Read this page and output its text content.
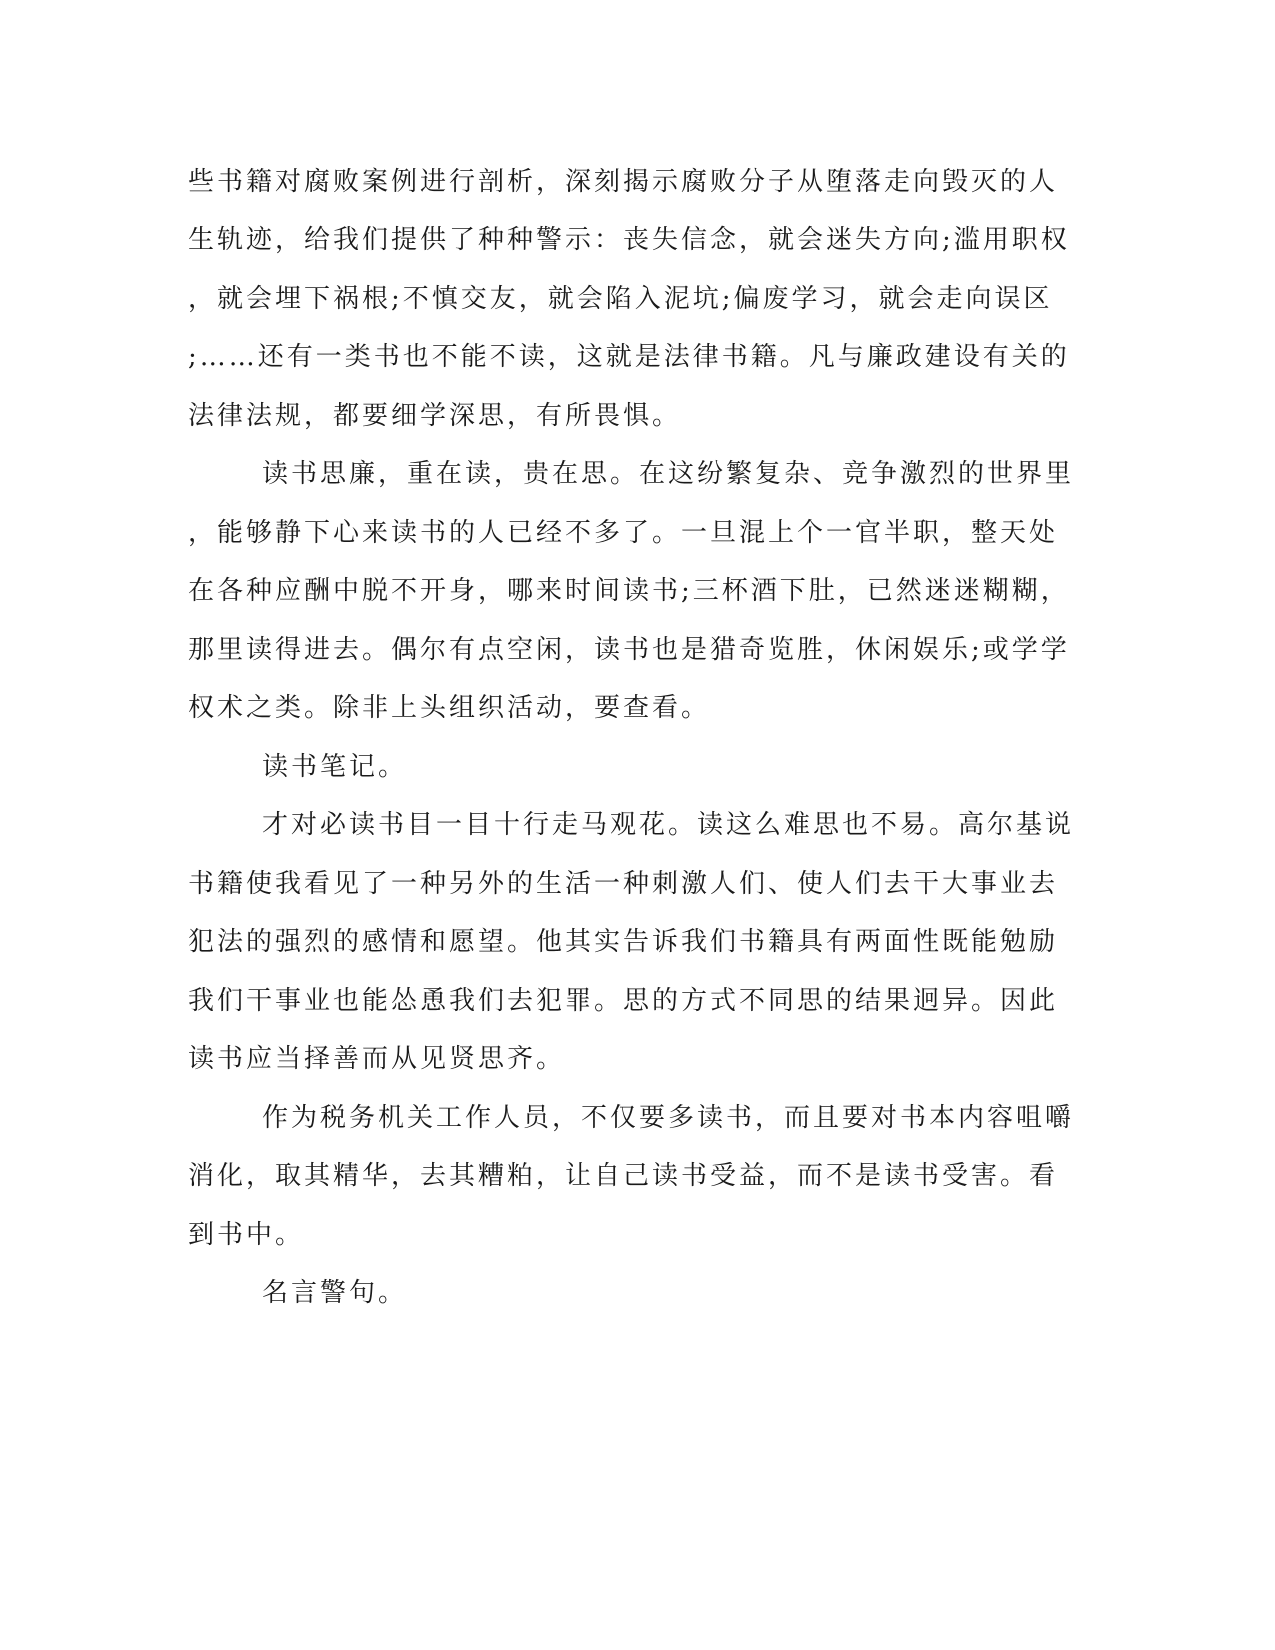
些书籍对腐败案例进行剖析，深刻揭示腐败分子从堕落走向毁灭的人
生轨迹，给我们提供了种种警示：丧失信念，就会迷失方向;滥用职权
，就会埋下祸根;不慎交友，就会陷入泥坑;偏废学习，就会走向误区
;……还有一类书也不能不读，这就是法律书籍。凡与廉政建设有关的
法律法规，都要细学深思，有所畏惧。
读书思廉，重在读，贵在思。在这纷繁复杂、竞争激烈的世界里
，能够静下心来读书的人已经不多了。一旦混上个一官半职，整天处
在各种应酬中脱不开身，哪来时间读书;三杯酒下肚，已然迷迷糊糊，
那里读得进去。偶尔有点空闲，读书也是猎奇览胜，休闲娱乐;或学学
权术之类。除非上头组织活动，要查看。
读书笔记。
才对必读书目一目十行走马观花。读这么难思也不易。高尔基说
书籍使我看见了一种另外的生活一种刺激人们、使人们去干大事业去
犯法的强烈的感情和愿望。他其实告诉我们书籍具有两面性既能勉励
我们干事业也能怂恿我们去犯罪。思的方式不同思的结果迥异。因此
读书应当择善而从见贤思齐。
作为税务机关工作人员，不仅要多读书，而且要对书本内容咀嚼
消化，取其精华，去其糟粕，让自己读书受益，而不是读书受害。看
到书中。
名言警句。
